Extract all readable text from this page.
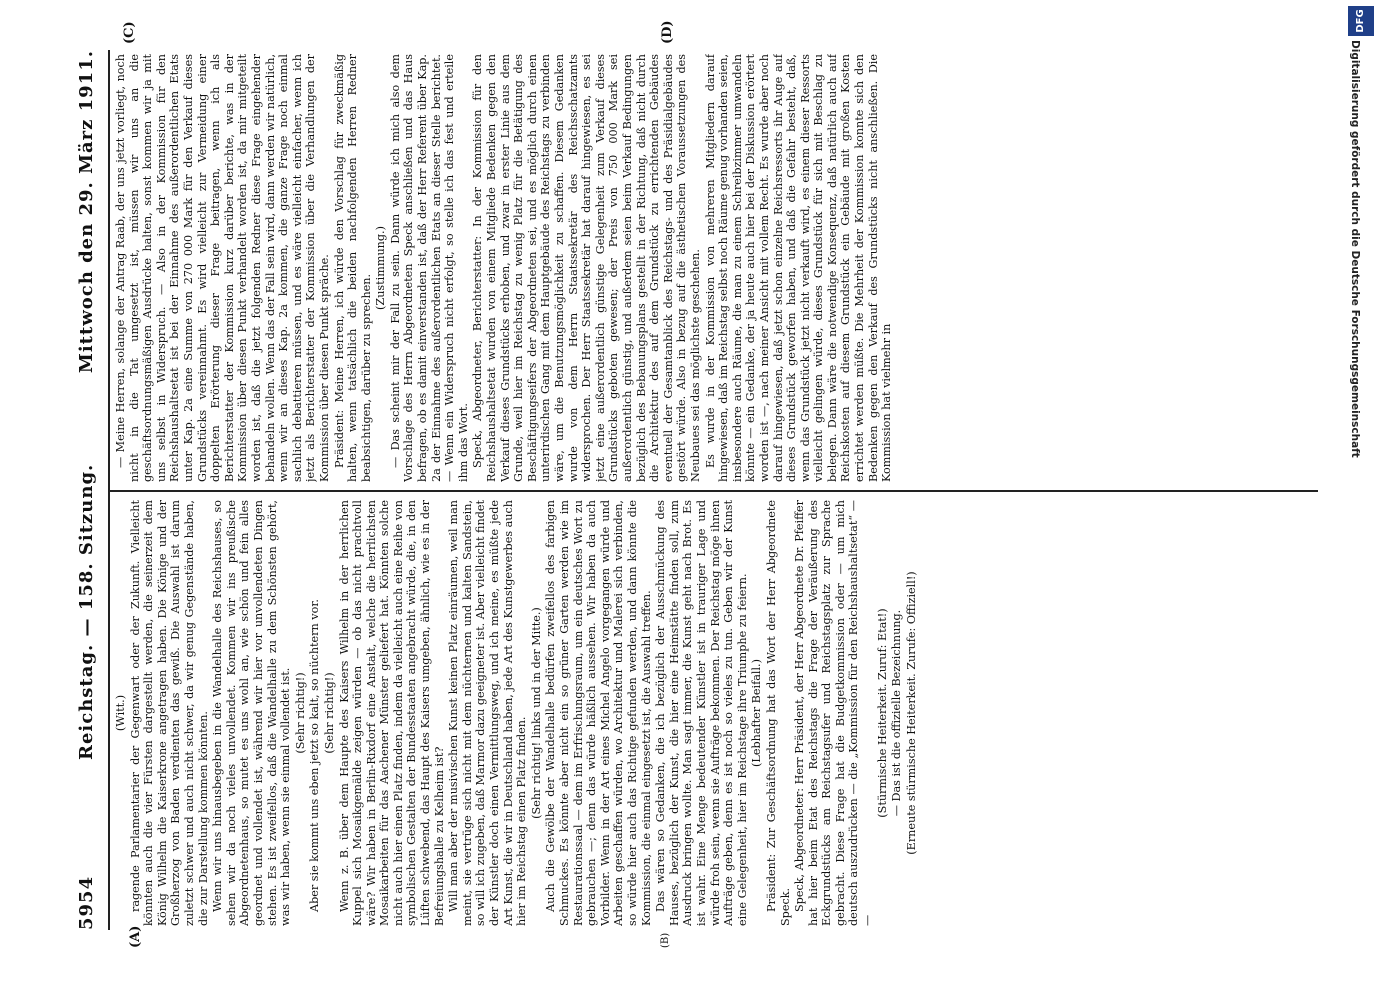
5954
Reichstag. — 158. Sitzung.
Mittwoch den 29. März 1911.
(A)	(B)
(C)	(D)

(Witt.) ragende Parlamentarier der Gegenwart oder der Zukunft. Vielleicht könnten auch die vier Fürsten dargestellt werden, die seinerzeit dem König Wilhelm die Kaiserkrone angetragen haben. Die Könige und der Großherzog von Baden verdienten das gewiß. Die Auswahl ist darum zuletzt schwer und auch nicht schwer, da wir genug Gegenstände haben, die zur Darstellung kommen könnten. Wenn wir uns hinausbegeben in die Wandelhalle des Reichshauses, so sehen wir da noch vieles unvollendet. Kommen wir ins preußische Abgeordnetenhaus, so mutet es uns wohl an, wie schön und fein alles geordnet und vollendet ist, während wir hier vor unvollendeten Dingen stehen. Es ist zweifellos, daß die Wandelhalle zu dem Schönsten gehört, was wir haben, wenn sie einmal vollendet ist. (Sehr richtig!) Aber sie kommt uns eben jetzt so kalt, so nüchtern vor. (Sehr richtig!) Wenn z. B. über dem Haupte des Kaisers Wilhelm in der herrlichen Kuppel sich Mosaikgemälde zeigen würden — ob das nicht prachtvoll wäre? Wir haben in Berlin-Rixdorf eine Anstalt, welche die herrlichsten Mosaikarbeiten für das Aachener Münster geliefert hat. Könnten solche nicht auch hier einen Platz finden, indem da vielleicht auch eine Reihe von symbolischen Gestalten der Bundesstaaten angebracht würde, die, in den Lüften schwebend, das Haupt des Kaisers umgeben, ähnlich, wie es in der Befreiungshalle zu Kelheim ist? Will man aber der musivischen Kunst keinen Platz einräumen, weil man meint, sie vertrüge sich nicht mit dem nüchternen und kalten Sandstein, so will ich zugeben, daß Marmor dazu geeigneter ist. Aber vielleicht findet der Künstler doch einen Vermittlungsweg, und ich meine, es müßte jede Art Kunst, die wir in Deutschland haben, jede Art des Kunstgewerbes auch hier im Reichstag einen Platz finden.

(Sehr richtig! links und in der Mitte.) Auch die Gewölbe der Wandelhalle bedürfen zweifellos des farbigen Schmuckes. Es könnte aber nicht ein so grüner Garten werden wie im Restaurationssaal — dem im Erfrischungsraum, um ein deutsches Wort zu gebrauchen —; denn das würde häßlich aussehen. Wir haben da auch Vorbilder. Wenn in der Art eines Michel Angelo vorgegangen würde und Arbeiten geschaffen würden, wo Architektur und Malerei sich verbinden, so würde hier auch das Richtige gefunden werden, und dann könnte die Kommission, die einmal eingesetzt ist, die Auswahl treffen. Das wären so Gedanken, die ich bezüglich der Ausschmückung des Hauses, bezüglich der Kunst, die hier eine Heimstätte finden soll, zum Ausdruck bringen wollte. Man sagt immer, die Kunst geht nach Brot. Es ist wahr. Eine Menge bedeutender Künstler ist in trauriger Lage und würde froh sein, wenn sie Aufträge bekommen. Der Reichstag möge ihnen Aufträge geben, denn es ist noch so vieles zu tun. Geben wir der Kunst eine Gelegenheit, hier im Reichstage ihre Triumphe zu feiern. (Lebhafter Beifall.) Präsident: Zur Geschäftsordnung hat das Wort der Herr Abgeordnete Speck. Speck, Abgeordneter: Herr Präsident, der Herr Abgeordnete Dr. Pfeiffer hat hier beim Etat des Reichstags die Frage der Veräußerung des Eckgrundstücks am Reichstagsufer und Reichstagsplatz zur Sprache gebracht. Diese Frage hat die Budgetkommission oder — um mich deutsch auszudrücken — die „Kommission für den Reichshaushaltsetat“ — —

(Stürmische Heiterkeit. Zuruf: Etat!) — Das ist die offizielle Bezeichnung. (Erneute stürmische Heiterkeit. Zurufe: Offiziell!)

— Meine Herren, solange der Antrag Raab, der uns jetzt vorliegt, noch nicht in die Tat umgesetzt ist, müssen wir uns an die geschäftsordnungsmäßigen Ausdrücke halten, sonst kommen wir ja mit uns selbst in Widerspruch. — Also in der Kommission für den Reichshaushaltsetat ist bei der Einnahme des außerordentlichen Etats unter Kap. 2a eine Summe von 270 000 Mark für den Verkauf dieses Grundstücks vereinnahmt. Es wird vielleicht zur Vermeidung einer doppelten Erörterung dieser Frage beitragen, wenn ich als Berichterstatter der Kommission kurz darüber berichte, was in der Kommission über diesen Punkt verhandelt worden ist, da mir mitgeteilt worden ist, daß die jetzt folgenden Redner diese Frage eingehender behandeln wollen. Wenn das der Fall sein wird, dann werden wir natürlich, wenn wir an dieses Kap. 2a kommen, die ganze Frage noch einmal sachlich debattieren müssen, und es wäre vielleicht einfacher, wenn ich jetzt als Berichterstatter der Kommission über die Verhandlungen der Kommission über diesen Punkt spräche. Präsident: Meine Herren, ich würde den Vorschlag für zweckmäßig halten, wenn tatsächlich die beiden nachfolgenden Herren Redner beabsichtigen, darüber zu sprechen.

(Zustimmung.) — Das scheint mir der Fall zu sein. Dann würde ich mich also dem Vorschlage des Herrn Abgeordneten Speck anschließen und das Haus befragen, ob es damit einverstanden ist, daß der Herr Referent über Kap. 2a der Einnahme des außerordentlichen Etats an dieser Stelle berichtet. — Wenn ein Widerspruch nicht erfolgt, so stelle ich das fest und erteile ihm das Wort. Speck, Abgeordneter, Berichterstatter: In der Kommission für den Reichshaushaltsetat wurden von einem Mitgliede Bedenken gegen den Verkauf dieses Grundstücks erhoben, und zwar in erster Linie aus dem Grunde, weil hier im Reichstag zu wenig Platz für die Betätigung des Beschäftigungseifers der Abgeordneten sei, und es möglich durch einen unterirdischen Gang mit dem Hauptgebäude des Reichstags zu verbinden wäre, um die Benutzungsmöglichkeit zu schaffen. Diesem Gedanken wurde von dem Herrn Staatssekretär des Reichsschatzamts widersprochen. Der Herr Staatssekretär hat darauf hingewiesen, es sei jetzt eine außerordentlich günstige Gelegenheit zum Verkauf dieses Grundstücks geboten gewesen; der Preis von 750 000 Mark sei außerordentlich günstig, und außerdem seien beim Verkauf Bedingungen bezüglich des Bebauungsplans gestellt in der Richtung, daß nicht durch die Architektur des auf dem Grundstück zu errichtenden Gebäudes eventuell der Gesamtanblick des Reichstags- und des Präsidialgebäudes gestört würde. Also in bezug auf die ästhetischen Voraussetzungen des Neubaues sei das möglichste geschehen. Es wurde in der Kommission von mehreren Mitgliedern darauf hingewiesen, daß im Reichstag selbst noch Räume genug vorhanden seien, insbesondere auch Räume, die man zu einem Schreibzimmer umwandeln könnte — ein Gedanke, der ja heute auch hier bei der Diskussion erörtert worden ist —, nach meiner Ansicht mit vollem Recht. Es wurde aber noch darauf hingewiesen, daß jetzt schon einzelne Reichsressorts ihr Auge auf dieses Grundstück geworfen haben, und daß die Gefahr besteht, daß, wenn das Grundstück jetzt nicht verkauft wird, es einem dieser Ressorts vielleicht gelingen würde, dieses Grundstück für sich mit Beschlag zu belegen. Dann wäre die notwendige Konsequenz, daß natürlich auch auf Reichskosten auf diesem Grundstück ein Gebäude mit großen Kosten errichtet werden müßte. Die Mehrheit der Kommission konnte sich den Bedenken gegen den Verkauf des Grundstücks nicht anschließen. Die Kommission hat vielmehr in

DFG
Digitalisierung gefördert durch die Deutsche Forschungsgemeinschaft
